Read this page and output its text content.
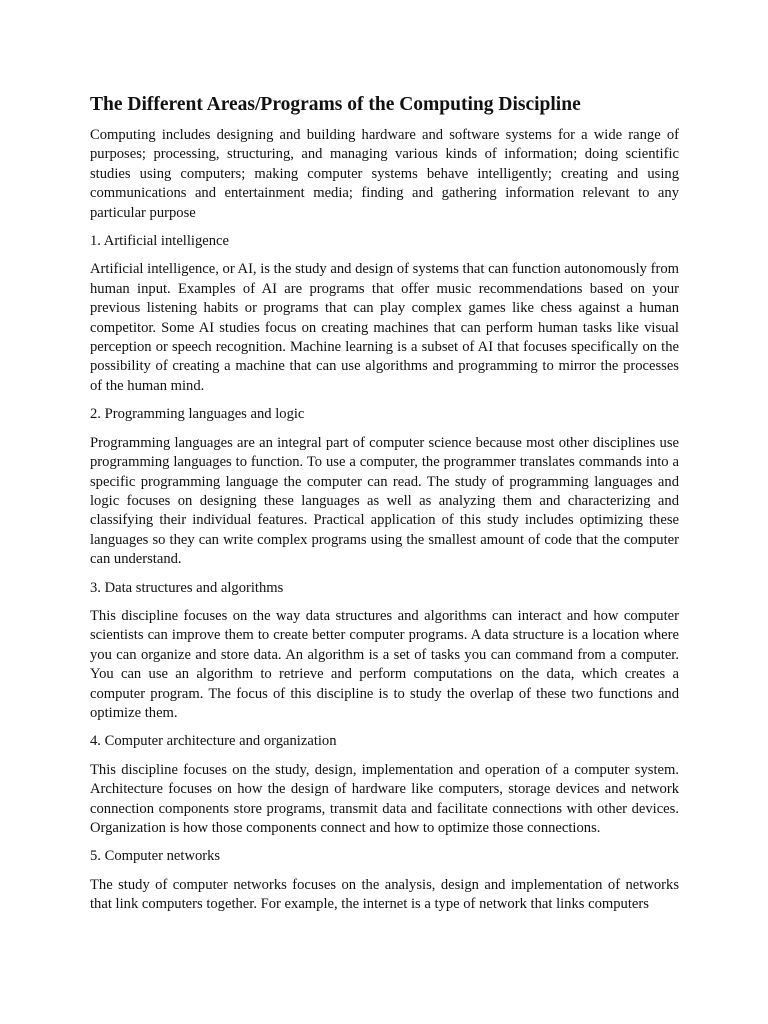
The Different Areas/Programs of the Computing Discipline

Computing includes designing and building hardware and software systems for a wide range of purposes; processing, structuring, and managing various kinds of information; doing scientific studies using computers; making computer systems behave intelligently; creating and using communications and entertainment media; finding and gathering information relevant to any particular purpose

1. Artificial intelligence

Artificial intelligence, or AI, is the study and design of systems that can function autonomously from human input. Examples of AI are programs that offer music recommendations based on your previous listening habits or programs that can play complex games like chess against a human competitor. Some AI studies focus on creating machines that can perform human tasks like visual perception or speech recognition. Machine learning is a subset of AI that focuses specifically on the possibility of creating a machine that can use algorithms and programming to mirror the processes of the human mind.

2. Programming languages and logic

Programming languages are an integral part of computer science because most other disciplines use programming languages to function. To use a computer, the programmer translates commands into a specific programming language the computer can read. The study of programming languages and logic focuses on designing these languages as well as analyzing them and characterizing and classifying their individual features. Practical application of this study includes optimizing these languages so they can write complex programs using the smallest amount of code that the computer can understand.

3. Data structures and algorithms

This discipline focuses on the way data structures and algorithms can interact and how computer scientists can improve them to create better computer programs. A data structure is a location where you can organize and store data. An algorithm is a set of tasks you can command from a computer. You can use an algorithm to retrieve and perform computations on the data, which creates a computer program. The focus of this discipline is to study the overlap of these two functions and optimize them.

4. Computer architecture and organization

This discipline focuses on the study, design, implementation and operation of a computer system. Architecture focuses on how the design of hardware like computers, storage devices and network connection components store programs, transmit data and facilitate connections with other devices. Organization is how those components connect and how to optimize those connections.

5. Computer networks

The study of computer networks focuses on the analysis, design and implementation of networks that link computers together. For example, the internet is a type of network that links computers
